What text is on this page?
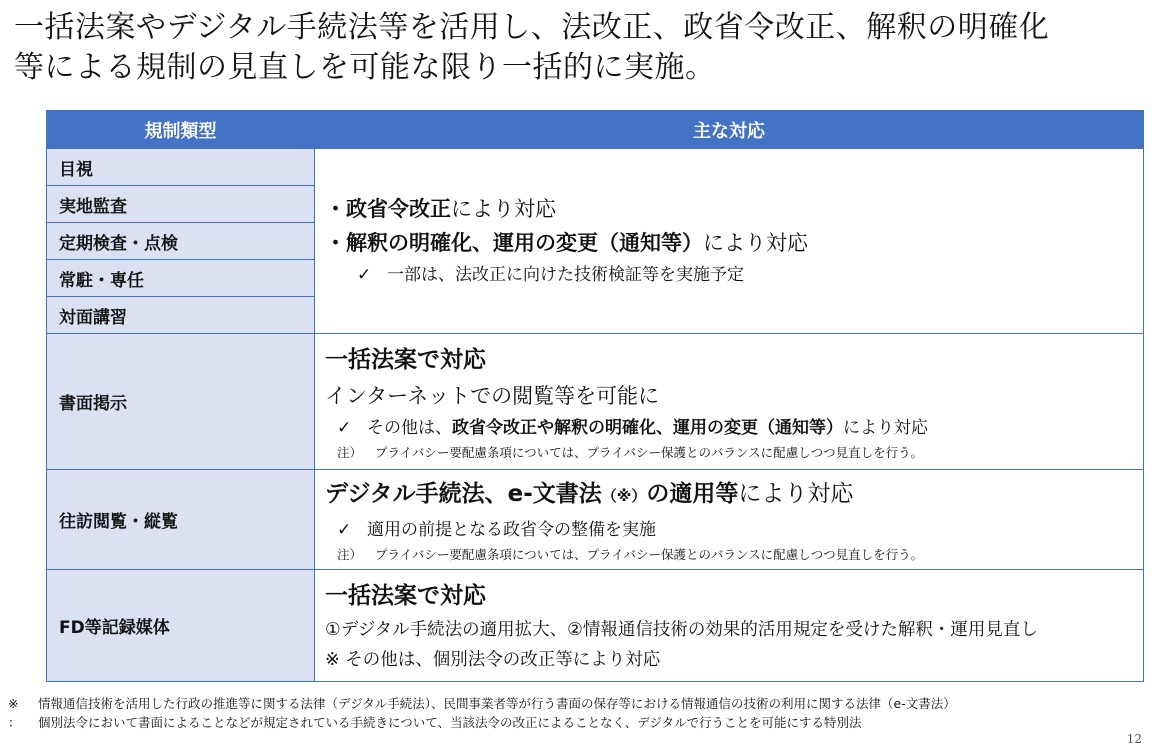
一括法案やデジタル手続法等を活用し、法改正、政省令改正、解釈の明確化
等による規制の見直しを可能な限り一括的に実施。
規制類型	主な対応
目視	・政省令改正により対応
・解釈の明確化、運用の変更（通知等）により対応
✓ 一部は、法改正に向けた技術検証等を実施予定

実地監査	
定期検査・点検	
常駐・専任	
対面講習	
書面掲示	一括法案で対応
インターネットでの閲覧等を可能に
✓ その他は、政省令改正や解釈の明確化、運用の変更（通知等）により対応
注） プライバシー要配慮条項については、プライバシー保護とのバランスに配慮しつつ見直しを行う。

往訪閲覧・縦覧	デジタル手続法、e-文書法（※）の適用等により対応
✓ 適用の前提となる政省令の整備を実施
注） プライバシー要配慮条項については、プライバシー保護とのバランスに配慮しつつ見直しを行う。

FD等記録媒体	一括法案で対応
①デジタル手続法の適用拡大、②情報通信技術の効果的活用規定を受けた解釈・運用見直し
※ その他は、個別法令の改正等により対応
※ 情報通信技術を活用した行政の推進等に関する法律（デジタル手続法）、民間事業者等が行う書面の保存等における情報通信の技術の利用に関する法律（e-文書法）
： 個別法令において書面によることなどが規定されている手続きについて、当該法令の改正によることなく、デジタルで行うことを可能にする特別法
12
